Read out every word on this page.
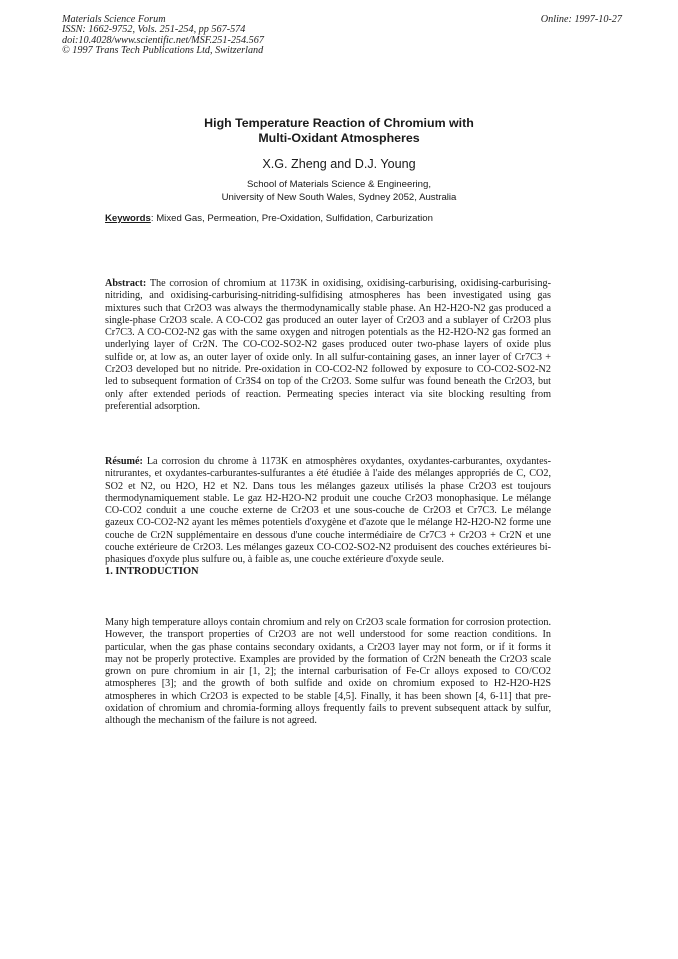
Materials Science Forum
ISSN: 1662-9752, Vols. 251-254, pp 567-574
doi:10.4028/www.scientific.net/MSF.251-254.567
© 1997 Trans Tech Publications Ltd, Switzerland
Online: 1997-10-27
High Temperature Reaction of Chromium with
Multi-Oxidant Atmospheres
X.G. Zheng and D.J. Young
School of Materials Science & Engineering,
University of New South Wales, Sydney 2052, Australia
Keywords: Mixed Gas, Permeation, Pre-Oxidation, Sulfidation, Carburization

Abstract: The corrosion of chromium at 1173K in oxidising, oxidising-carburising, oxidising-carburising-nitriding, and oxidising-carburising-nitriding-sulfidising atmospheres has been investigated using gas mixtures such that Cr2O3 was always the thermodynamically stable phase. An H2-H2O-N2 gas produced a single-phase Cr2O3 scale. A CO-CO2 gas produced an outer layer of Cr2O3 and a sublayer of Cr2O3 plus Cr7C3. A CO-CO2-N2 gas with the same oxygen and nitrogen potentials as the H2-H2O-N2 gas formed an underlying layer of Cr2N. The CO-CO2-SO2-N2 gases produced outer two-phase layers of oxide plus sulfide or, at low as, an outer layer of oxide only. In all sulfur-containing gases, an inner layer of Cr7C3 + Cr2O3 developed but no nitride. Pre-oxidation in CO-CO2-N2 followed by exposure to CO-CO2-SO2-N2 led to subsequent formation of Cr3S4 on top of the Cr2O3. Some sulfur was found beneath the Cr2O3, but only after extended periods of reaction. Permeating species interact via site blocking resulting from preferential adsorption.

Résumé: La corrosion du chrome à 1173K en atmosphères oxydantes, oxydantes-carburantes, oxydantes-nitrurantes, et oxydantes-carburantes-sulfurantes a été étudiée à l'aide des mélanges appropriés de C, CO2, SO2 et N2, ou H2O, H2 et N2. Dans tous les mélanges gazeux utilisés la phase Cr2O3 est toujours thermodynamiquement stable. Le gaz H2-H2O-N2 produit une couche Cr2O3 monophasique. Le mélange CO-CO2 conduit a une couche externe de Cr2O3 et une sous-couche de Cr2O3 et Cr7C3. Le mélange gazeux CO-CO2-N2 ayant les mêmes potentiels d'oxygène et d'azote que le mélange H2-H2O-N2 forme une couche de Cr2N supplémentaire en dessous d'une couche intermédiaire de Cr7C3 + Cr2O3 + Cr2N et une couche extérieure de Cr2O3. Les mélanges gazeux CO-CO2-SO2-N2 produisent des couches extérieures bi-phasiques d'oxyde plus sulfure ou, à faible as, une couche extérieure d'oxyde seule.

1. INTRODUCTION

Many high temperature alloys contain chromium and rely on Cr2O3 scale formation for corrosion protection. However, the transport properties of Cr2O3 are not well understood for some reaction conditions. In particular, when the gas phase contains secondary oxidants, a Cr2O3 layer may not form, or if it forms it may not be properly protective. Examples are provided by the formation of Cr2N beneath the Cr2O3 scale grown on pure chromium in air [1, 2]; the internal carburisation of Fe-Cr alloys exposed to CO/CO2 atmospheres [3]; and the growth of both sulfide and oxide on chromium exposed to H2-H2O-H2S atmospheres in which Cr2O3 is expected to be stable [4,5]. Finally, it has been shown [4, 6-11] that pre-oxidation of chromium and chromia-forming alloys frequently fails to prevent subsequent attack by sulfur, although the mechanism of the failure is not agreed.
